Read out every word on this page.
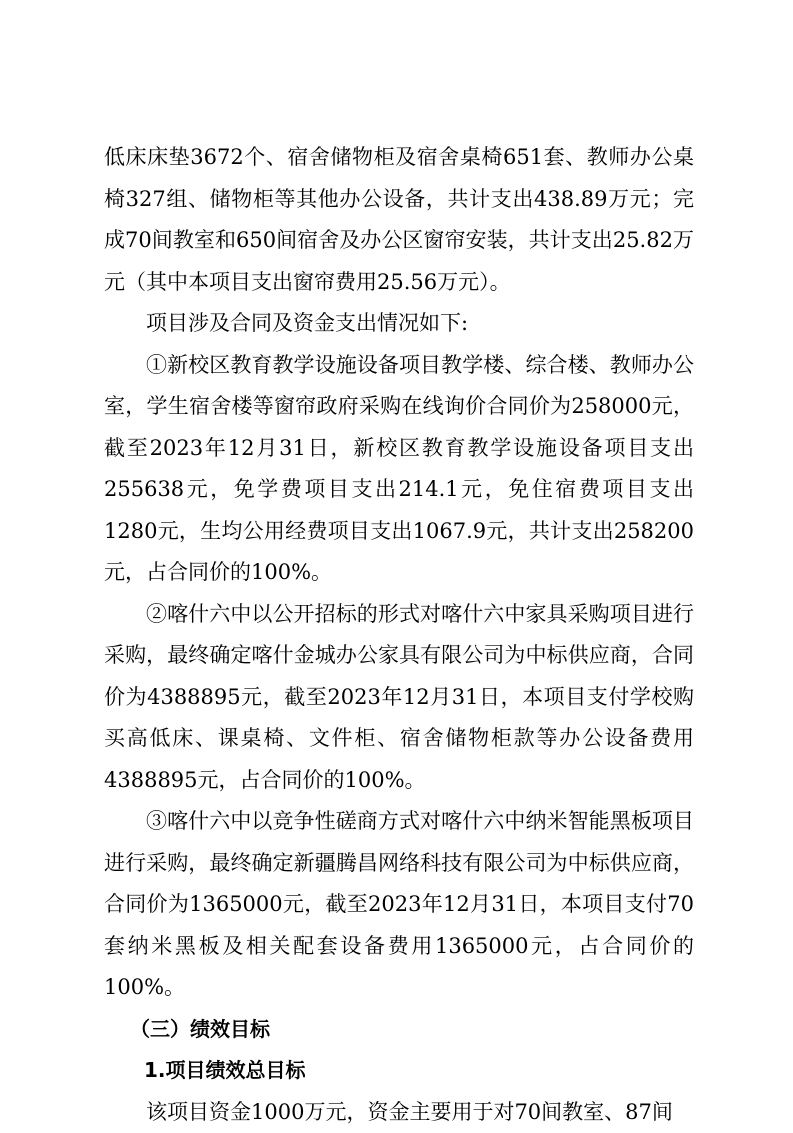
低床床垫3672个、宿舍储物柜及宿舍桌椅651套、教师办公桌椅327组、储物柜等其他办公设备，共计支出438.89万元；完成70间教室和650间宿舍及办公区窗帘安装，共计支出25.82万元（其中本项目支出窗帘费用25.56万元）。

项目涉及合同及资金支出情况如下:

①新校区教育教学设施设备项目教学楼、综合楼、教师办公室，学生宿舍楼等窗帘政府采购在线询价合同价为258000元，截至2023年12月31日，新校区教育教学设施设备项目支出255638元，免学费项目支出214.1元，免住宿费项目支出1280元，生均公用经费项目支出1067.9元，共计支出258200元，占合同价的100%。

②喀什六中以公开招标的形式对喀什六中家具采购项目进行采购，最终确定喀什金城办公家具有限公司为中标供应商，合同价为4388895元，截至2023年12月31日，本项目支付学校购买高低床、课桌椅、文件柜、宿舍储物柜款等办公设备费用4388895元，占合同价的100%。

③喀什六中以竞争性磋商方式对喀什六中纳米智能黑板项目进行采购，最终确定新疆腾昌网络科技有限公司为中标供应商，合同价为1365000元，截至2023年12月31日，本项目支付70套纳米黑板及相关配套设备费用1365000元，占合同价的100%。

（三）绩效目标
1.项目绩效总目标

该项目资金1000万元，资金主要用于对70间教室、87间
